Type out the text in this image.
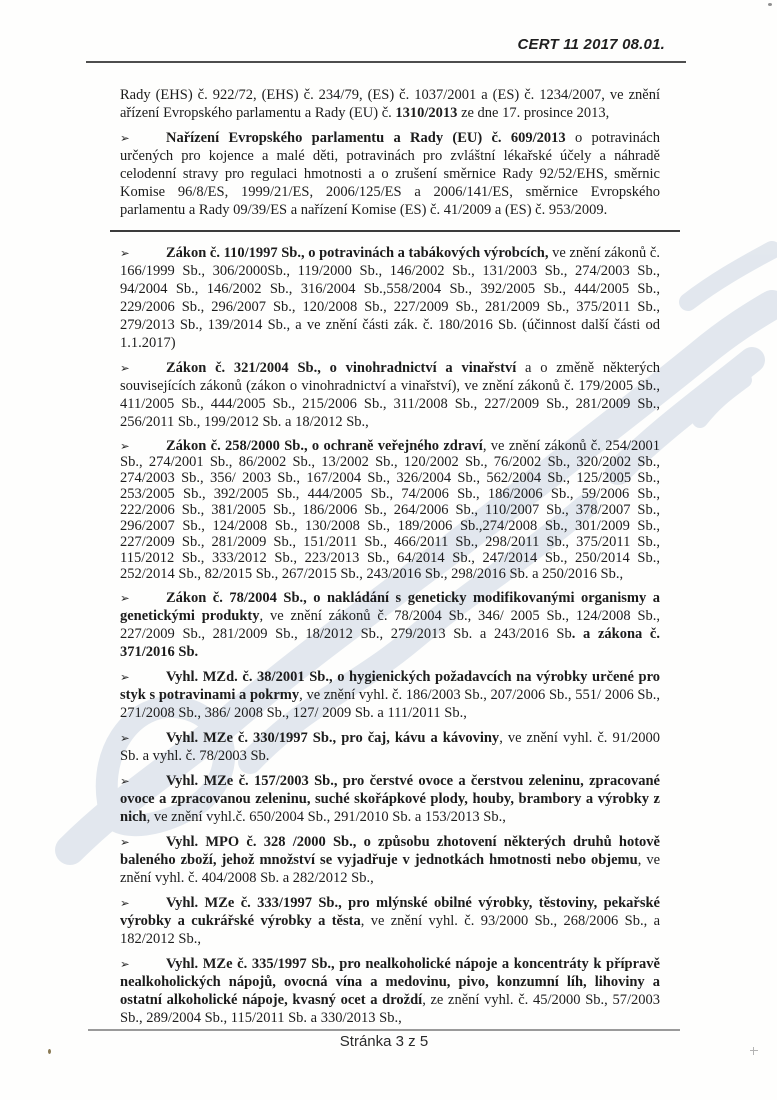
CERT 11 2017 08.01.

Rady (EHS) č. 922/72, (EHS) č. 234/79, (ES) č. 1037/2001 a (ES) č. 1234/2007, ve znění ařízení Evropského parlamentu a Rady (EU) č. 1310/2013 ze dne 17. prosince 2013,

➢	Nařízení Evropského parlamentu a Rady (EU) č. 609/2013 o potravinách určených pro kojence a malé děti, potravinách pro zvláštní lékařské účely a náhradě celodenní stravy pro regulaci hmotnosti a o zrušení směrnice Rady 92/52/EHS, směrnic Komise 96/8/ES, 1999/21/ES, 2006/125/ES a 2006/141/ES, směrnice Evropského parlamentu a Rady 09/39/ES a nařízení Komise (ES) č. 41/2009 a (ES) č. 953/2009.

➢	Zákon č. 110/1997 Sb., o potravinách a tabákových výrobcích, ve znění zákonů č. 166/1999 Sb., 306/2000Sb., 119/2000 Sb., 146/2002 Sb., 131/2003 Sb., 274/2003 Sb., 94/2004 Sb., 146/2002 Sb., 316/2004 Sb.,558/2004 Sb., 392/2005 Sb., 444/2005 Sb., 229/2006 Sb., 296/2007 Sb., 120/2008 Sb., 227/2009 Sb., 281/2009 Sb., 375/2011 Sb., 279/2013 Sb., 139/2014 Sb., a ve znění části zák. č. 180/2016 Sb. (účinnost další části od 1.1.2017)

➢	Zákon č. 321/2004 Sb., o vinohradnictví a vinařství a o změně některých souvisejících zákonů (zákon o vinohradnictví a vinařství), ve znění zákonů č. 179/2005 Sb., 411/2005 Sb., 444/2005 Sb., 215/2006 Sb., 311/2008 Sb., 227/2009 Sb., 281/2009 Sb., 256/2011 Sb., 199/2012 Sb. a 18/2012 Sb.,

➢	Zákon č. 258/2000 Sb., o ochraně veřejného zdraví, ve znění zákonů č. 254/2001 Sb., 274/2001 Sb., 86/2002 Sb., 13/2002 Sb., 120/2002 Sb., 76/2002 Sb., 320/2002 Sb., 274/2003 Sb., 356/ 2003 Sb., 167/2004 Sb., 326/2004 Sb., 562/2004 Sb., 125/2005 Sb., 253/2005 Sb., 392/2005 Sb., 444/2005 Sb., 74/2006 Sb., 186/2006 Sb., 59/2006 Sb., 222/2006 Sb., 381/2005 Sb., 186/2006 Sb., 264/2006 Sb., 110/2007 Sb., 378/2007 Sb., 296/2007 Sb., 124/2008 Sb., 130/2008 Sb., 189/2006 Sb.,274/2008 Sb., 301/2009 Sb., 227/2009 Sb., 281/2009 Sb., 151/2011 Sb., 466/2011 Sb., 298/2011 Sb., 375/2011 Sb., 115/2012 Sb., 333/2012 Sb., 223/2013 Sb., 64/2014 Sb., 247/2014 Sb., 250/2014 Sb., 252/2014 Sb., 82/2015 Sb., 267/2015 Sb., 243/2016 Sb., 298/2016 Sb. a 250/2016 Sb.,

➢	Zákon č. 78/2004 Sb., o nakládání s geneticky modifikovanými organismy a genetickými produkty, ve znění zákonů č. 78/2004 Sb., 346/ 2005 Sb., 124/2008 Sb., 227/2009 Sb., 281/2009 Sb., 18/2012 Sb., 279/2013 Sb. a 243/2016 Sb. a zákona č. 371/2016 Sb.

➢	Vyhl. MZd. č. 38/2001 Sb., o hygienických požadavcích na výrobky určené pro styk s potravinami a pokrmy, ve znění vyhl. č. 186/2003 Sb., 207/2006 Sb., 551/ 2006 Sb., 271/2008 Sb., 386/ 2008 Sb., 127/ 2009 Sb. a 111/2011 Sb.,

➢	Vyhl. MZe č. 330/1997 Sb., pro čaj, kávu a kávoviny, ve znění vyhl. č. 91/2000 Sb. a vyhl. č. 78/2003 Sb.

➢	Vyhl. MZe č. 157/2003 Sb., pro čerstvé ovoce a čerstvou zeleninu, zpracované ovoce a zpracovanou zeleninu, suché skořápkové plody, houby, brambory a výrobky z nich, ve znění vyhl.č. 650/2004 Sb., 291/2010 Sb. a 153/2013 Sb.,

➢	Vyhl. MPO č. 328 /2000 Sb., o způsobu zhotovení některých druhů hotově baleného zboží, jehož množství se vyjadřuje v jednotkách hmotnosti nebo objemu, ve znění vyhl. č. 404/2008 Sb. a 282/2012 Sb.,

➢	Vyhl. MZe č. 333/1997 Sb., pro mlýnské obilné výrobky, těstoviny, pekařské výrobky a cukrářské výrobky a těsta, ve znění vyhl. č. 93/2000 Sb., 268/2006 Sb., a 182/2012 Sb.,

➢	Vyhl. MZe č. 335/1997 Sb., pro nealkoholické nápoje a koncentráty k přípravě nealkoholických nápojů, ovocná vína a medovinu, pivo, konzumní líh, lihoviny a ostatní alkoholické nápoje, kvasný ocet a droždí, ze znění vyhl. č. 45/2000 Sb., 57/2003 Sb., 289/2004 Sb., 115/2011 Sb. a 330/2013 Sb.,

Stránka 3 z 5
